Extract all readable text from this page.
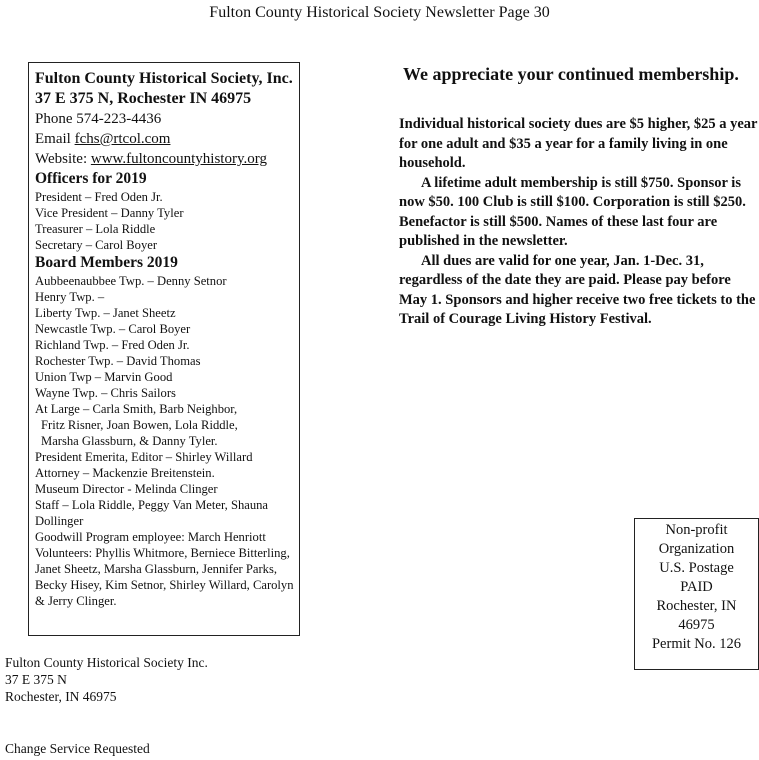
Fulton County Historical Society Newsletter Page 30
Fulton County Historical Society, Inc.
37 E 375 N, Rochester IN 46975
Phone 574-223-4436
Email fchs@rtcol.com
Website: www.fultoncountyhistory.org
Officers for 2019
President – Fred Oden Jr.
Vice President – Danny Tyler
Treasurer – Lola Riddle
Secretary – Carol Boyer
Board Members 2019
Aubbeenaubbee Twp. – Denny Setnor
Henry Twp. –
Liberty Twp. – Janet Sheetz
Newcastle Twp. – Carol Boyer
Richland Twp. – Fred Oden Jr.
Rochester Twp. – David Thomas
Union Twp – Marvin Good
Wayne Twp. – Chris Sailors
At Large – Carla Smith, Barb Neighbor,
Fritz Risner, Joan Bowen, Lola Riddle,
Marsha Glassburn, & Danny Tyler.
President Emerita, Editor – Shirley Willard
Attorney – Mackenzie Breitenstein.
Museum Director - Melinda Clinger
Staff – Lola Riddle, Peggy Van Meter, Shauna Dollinger
Goodwill Program employee: March Henriott
Volunteers: Phyllis Whitmore, Berniece Bitterling, Janet Sheetz, Marsha Glassburn, Jennifer Parks, Becky Hisey, Kim Setnor, Shirley Willard, Carolyn & Jerry Clinger.
We appreciate your continued membership.

Individual historical society dues are $5 higher, $25 a year for one adult and $35 a year for a family living in one household.

A lifetime adult membership is still $750. Sponsor is now $50. 100 Club is still $100. Corporation is still $250. Benefactor is still $500. Names of these last four are published in the newsletter.

All dues are valid for one year, Jan. 1-Dec. 31, regardless of the date they are paid. Please pay before May 1. Sponsors and higher receive two free tickets to the Trail of Courage Living History Festival.

Non-profit
Organization
U.S. Postage
PAID
Rochester, IN
46975
Permit No. 126
Fulton County Historical Society Inc.
37 E 375 N
Rochester, IN 46975
Change Service Requested
